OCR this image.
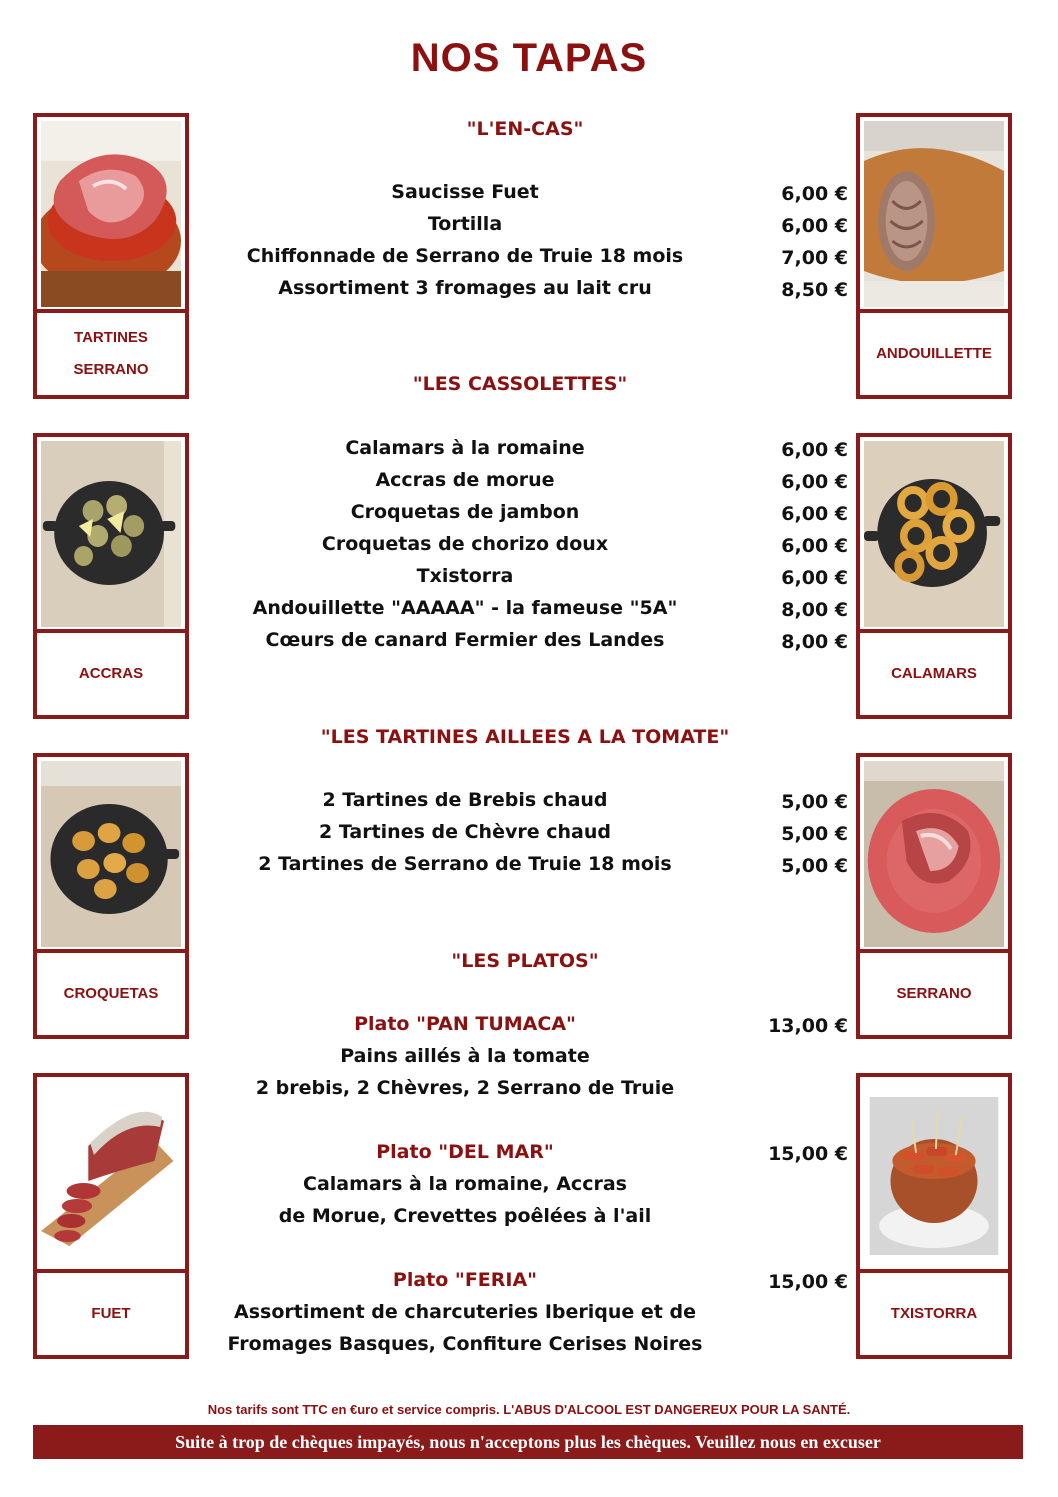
NOS TAPAS
TARTINES SERRANO
ACCRAS
CROQUETAS
FUET
ANDOUILLETTE
CALAMARS
SERRANO
TXISTORRA
"L'EN-CAS"
Saucisse Fuet	6,00 €
Tortilla	6,00 €
Chiffonnade de Serrano de Truie 18 mois	7,00 €
Assortiment 3 fromages au lait cru	8,50 €
"LES CASSOLETTES"
Calamars à la romaine	6,00 €
Accras de morue	6,00 €
Croquetas de jambon	6,00 €
Croquetas de chorizo doux	6,00 €
Txistorra	6,00 €
Andouillette "AAAAA" - la fameuse "5A"	8,00 €
Cœurs de canard Fermier des Landes	8,00 €
"LES TARTINES AILLEES A LA TOMATE"
2 Tartines de Brebis chaud	5,00 €
2 Tartines de Chèvre chaud	5,00 €
2 Tartines de Serrano de Truie 18 mois	5,00 €
"LES PLATOS"
Plato "PAN TUMACA"	13,00 €
Pains aillés à la tomate
2 brebis, 2 Chèvres, 2 Serrano de Truie
Plato "DEL MAR"	15,00 €
Calamars à la romaine, Accras
de Morue, Crevettes poêlées à l'ail
Plato "FERIA"	15,00 €
Assortiment de charcuteries Iberique et de
Fromages Basques, Confiture Cerises Noires
Nos tarifs sont TTC en €uro et service compris. L'ABUS D'ALCOOL EST DANGEREUX POUR LA SANTÉ.
Suite à trop de chèques impayés, nous n'acceptons plus les chèques. Veuillez nous en excuser
